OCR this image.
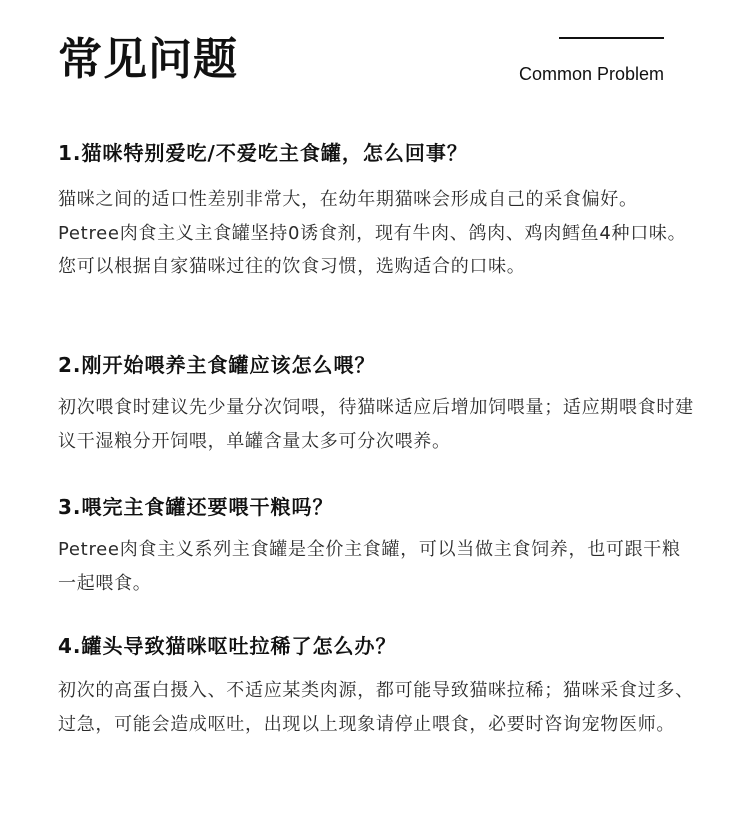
常见问题	Common Problem
1.猫咪特别爱吃/不爱吃主食罐，怎么回事？

猫咪之间的适口性差别非常大，在幼年期猫咪会形成自己的采食偏好。Petree肉食主义主食罐坚持0诱食剂，现有牛肉、鸽肉、鸡肉鳕鱼4种口味。您可以根据自家猫咪过往的饮食习惯，选购适合的口味。

2.刚开始喂养主食罐应该怎么喂？

初次喂食时建议先少量分次饲喂，待猫咪适应后增加饲喂量；适应期喂食时建议干湿粮分开饲喂，单罐含量太多可分次喂养。

3.喂完主食罐还要喂干粮吗？

Petree肉食主义系列主食罐是全价主食罐，可以当做主食饲养，也可跟干粮一起喂食。

4.罐头导致猫咪呕吐拉稀了怎么办？

初次的高蛋白摄入、不适应某类肉源，都可能导致猫咪拉稀；猫咪采食过多、过急，可能会造成呕吐，出现以上现象请停止喂食，必要时咨询宠物医师。
